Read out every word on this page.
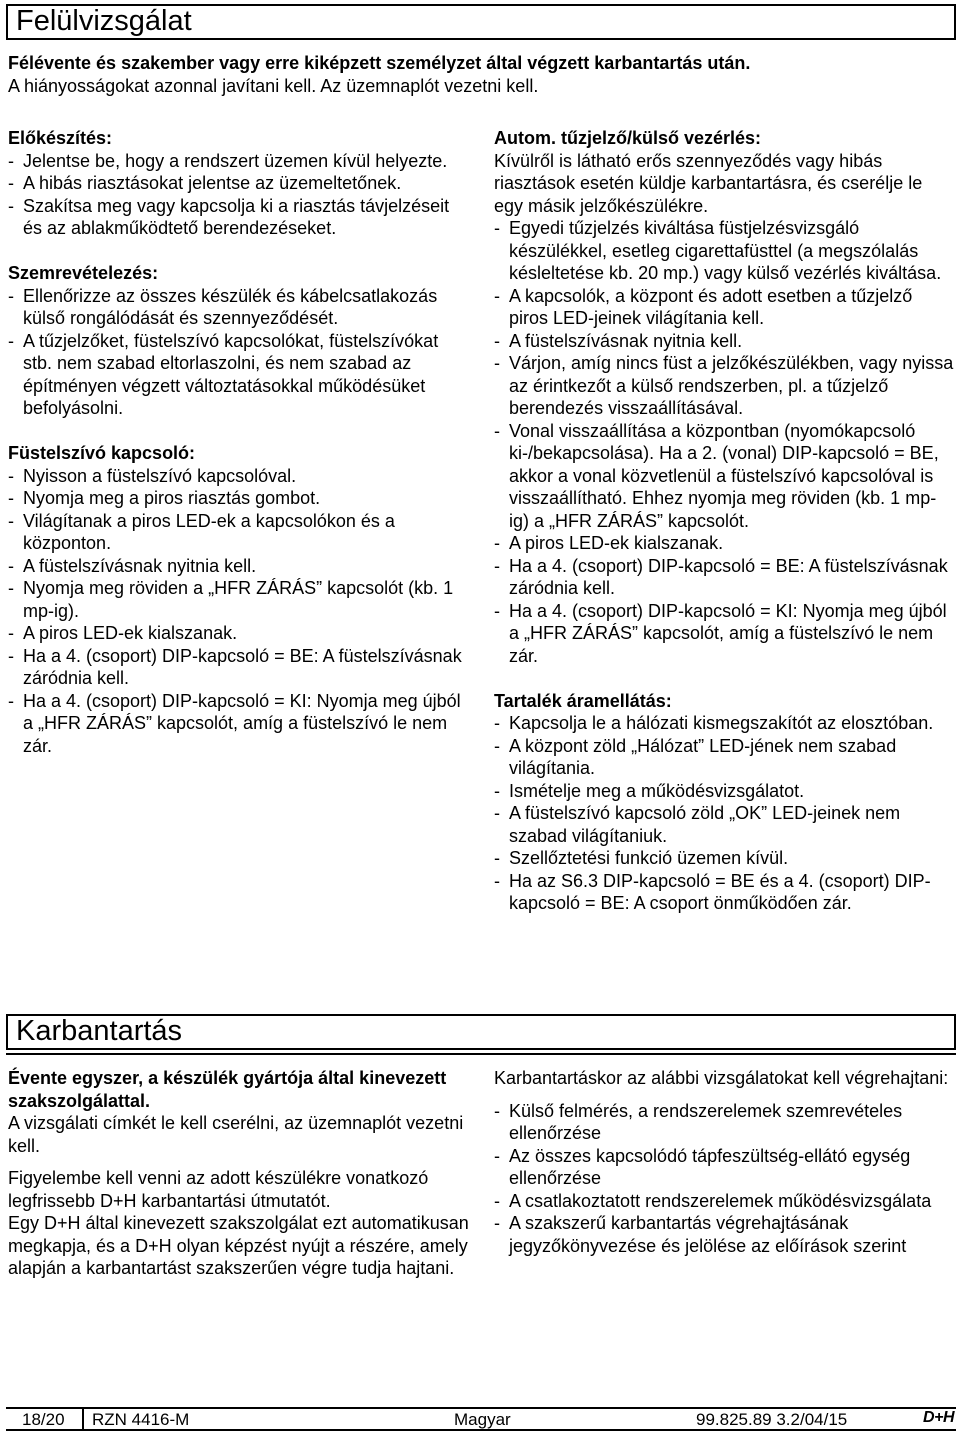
Felülvizsgálat

Félévente és szakember vagy erre kiképzett személyzet által végzett karbantartás után.

A hiányosságokat azonnal javítani kell. Az üzemnaplót vezetni kell.

Előkészítés:

- Jelentse be, hogy a rendszert üzemen kívül helyezte.
- A hibás riasztásokat jelentse az üzemeltetőnek.
- Szakítsa meg vagy kapcsolja ki a riasztás távjelzéseit és az ablakműködtető berendezéseket.

Szemrevételezés:

- Ellenőrizze az összes készülék és kábelcsatlakozás külső rongálódását és szennyeződését.
- A tűzjelzőket, füstelszívó kapcsolókat, füstelszívókat stb. nem szabad eltorlaszolni, és nem szabad az építményen végzett változtatásokkal működésüket befolyásolni.

Füstelszívó kapcsoló:

- Nyisson a füstelszívó kapcsolóval.
- Nyomja meg a piros riasztás gombot.
- Világítanak a piros LED-ek a kapcsolókon és a központon.
- A füstelszívásnak nyitnia kell.
- Nyomja meg röviden a „HFR ZÁRÁS” kapcsolót (kb. 1 mp-ig).
- A piros LED-ek kialszanak.
- Ha a 4. (csoport) DIP-kapcsoló = BE: A füstelszívásnak záródnia kell.
- Ha a 4. (csoport) DIP-kapcsoló = KI: Nyomja meg újból a „HFR ZÁRÁS” kapcsolót, amíg a füstelszívó le nem zár.

Autom. tűzjelző/külső vezérlés:

Kívülről is látható erős szennyeződés vagy hibás riasztások esetén küldje karbantartásra, és cserélje le egy másik jelzőkészülékre.

- Egyedi tűzjelzés kiváltása füstjelzésvizsgáló készülékkel, esetleg cigarettafüsttel (a megszólalás késleltetése kb. 20 mp.) vagy külső vezérlés kiváltása.
- A kapcsolók, a központ és adott esetben a tűzjelző piros LED-jeinek világítania kell.
- A füstelszívásnak nyitnia kell.
- Várjon, amíg nincs füst a jelzőkészülékben, vagy nyissa az érintkezőt a külső rendszerben, pl. a tűzjelző berendezés visszaállításával.
- Vonal visszaállítása a központban (nyomókapcsoló ki-/bekapcsolása). Ha a 2. (vonal) DIP-kapcsoló = BE, akkor a vonal közvetlenül a füstelszívó kapcsolóval is visszaállítható. Ehhez nyomja meg röviden (kb. 1 mp-ig) a „HFR ZÁRÁS” kapcsolót.
- A piros LED-ek kialszanak.
- Ha a 4. (csoport) DIP-kapcsoló = BE: A füstelszívásnak záródnia kell.
- Ha a 4. (csoport) DIP-kapcsoló = KI: Nyomja meg újból a „HFR ZÁRÁS” kapcsolót, amíg a füstelszívó le nem zár.

Tartalék áramellátás:

- Kapcsolja le a hálózati kismegszakítót az elosztóban.
- A központ zöld „Hálózat” LED-jének nem szabad világítania.
- Ismételje meg a működésvizsgálatot.
- A füstelszívó kapcsoló zöld „OK” LED-jeinek nem szabad világítaniuk.
- Szellőztetési funkció üzemen kívül.
- Ha az S6.3 DIP-kapcsoló = BE és a 4. (csoport) DIP-kapcsoló = BE: A csoport önműködően zár.
Karbantartás

Évente egyszer, a készülék gyártója által kinevezett szakszolgálattal.

A vizsgálati címkét le kell cserélni, az üzemnaplót vezetni kell.

Figyelembe kell venni az adott készülékre vonatkozó legfrissebb D+H karbantartási útmutatót.

Egy D+H által kinevezett szakszolgálat ezt automatikusan megkapja, és a D+H olyan képzést nyújt a részére, amely alapján a karbantartást szakszerűen végre tudja hajtani.

Karbantartáskor az alábbi vizsgálatokat kell végrehajtani:

- Külső felmérés, a rendszerelemek szemrevételes ellenőrzése
- Az összes kapcsolódó tápfeszültség-ellátó egység ellenőrzése
- A csatlakoztatott rendszerelemek működésvizsgálata
- A szakszerű karbantartás végrehajtásának jegyzőkönyvezése és jelölése az előírások szerint
18/20 RZN 4416-M	Magyar	99.825.89 3.2/04/15	D+H
